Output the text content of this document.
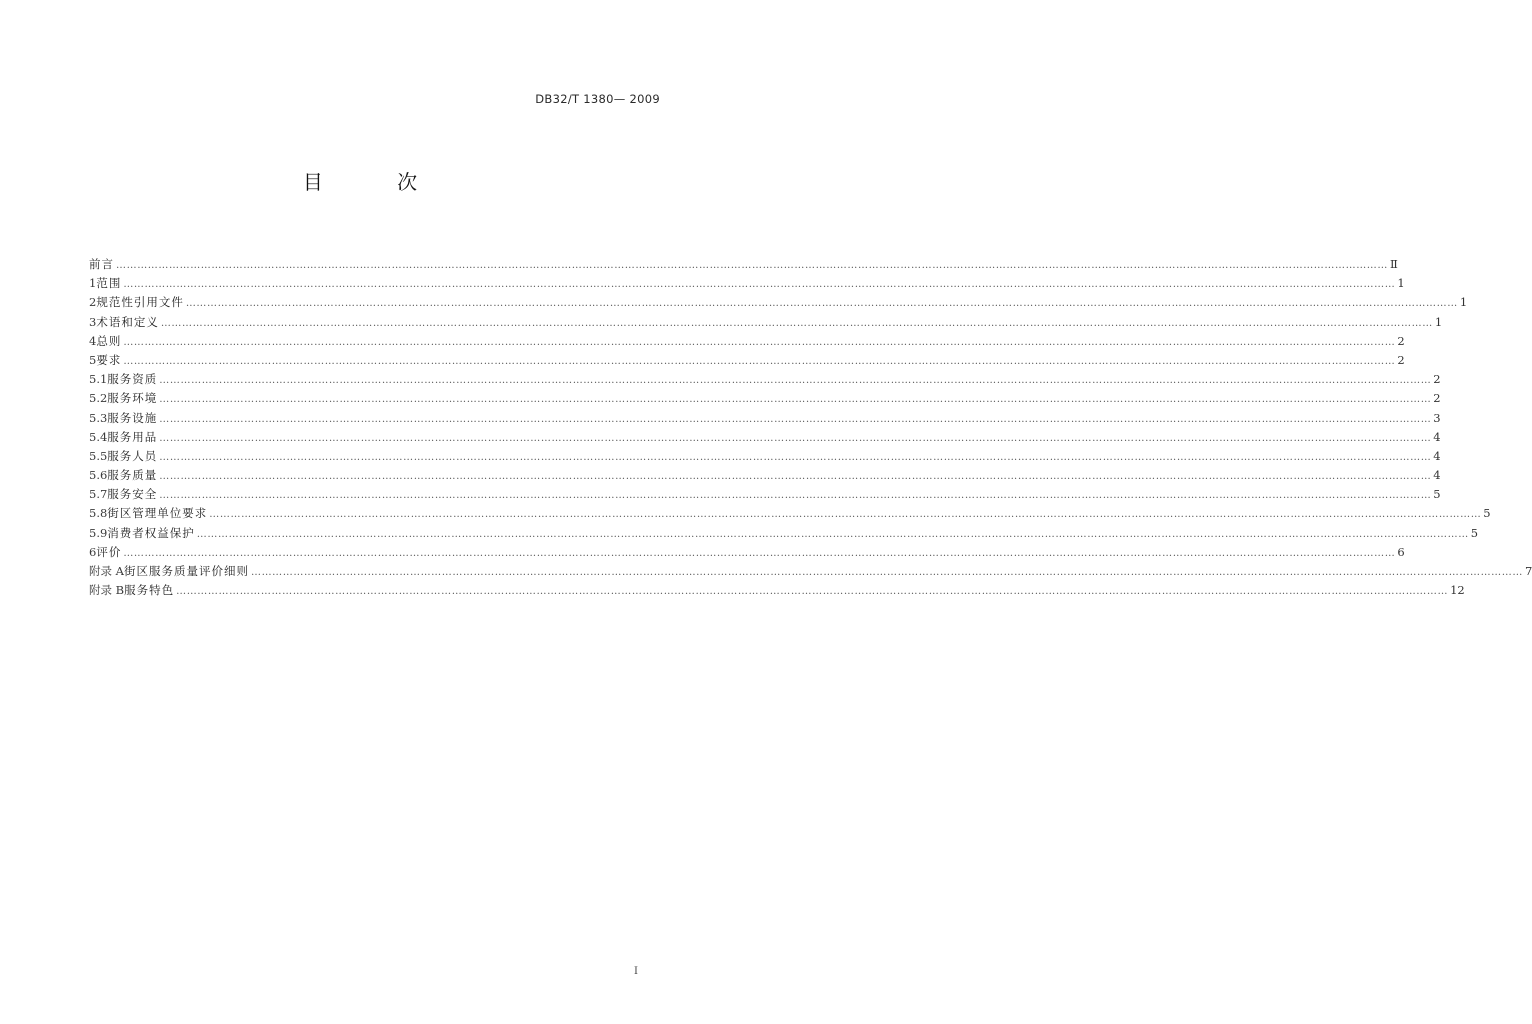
DB32/T 1380— 2009
目 次
前言 ……………………………………………………………………………………………………………………………………………………………………………………………………………………………………………………………………………………………………………………………… Ⅱ
1 范围 ……………………………………………………………………………………………………………………………………………………………………………………………………………………………………………………………………………………………………………………………… 1
2 规范性引用文件 ……………………………………………………………………………………………………………………………………………………………………………………………………………………………………………………………………………………………………………………………… 1
3 术语和定义 ……………………………………………………………………………………………………………………………………………………………………………………………………………………………………………………………………………………………………………………………… 1
4 总则 ……………………………………………………………………………………………………………………………………………………………………………………………………………………………………………………………………………………………………………………………… 2
5 要求 ……………………………………………………………………………………………………………………………………………………………………………………………………………………………………………………………………………………………………………………………… 2
5.1 服务资质 ……………………………………………………………………………………………………………………………………………………………………………………………………………………………………………………………………………………………………………………………… 2
5.2 服务环境 ……………………………………………………………………………………………………………………………………………………………………………………………………………………………………………………………………………………………………………………………… 2
5.3 服务设施 ……………………………………………………………………………………………………………………………………………………………………………………………………………………………………………………………………………………………………………………………… 3
5.4 服务用品 ……………………………………………………………………………………………………………………………………………………………………………………………………………………………………………………………………………………………………………………………… 4
5.5 服务人员 ……………………………………………………………………………………………………………………………………………………………………………………………………………………………………………………………………………………………………………………………… 4
5.6 服务质量 ……………………………………………………………………………………………………………………………………………………………………………………………………………………………………………………………………………………………………………………………… 4
5.7 服务安全 ……………………………………………………………………………………………………………………………………………………………………………………………………………………………………………………………………………………………………………………………… 5
5.8 街区管理单位要求 ……………………………………………………………………………………………………………………………………………………………………………………………………………………………………………………………………………………………………………………………… 5
5.9 消费者权益保护 ……………………………………………………………………………………………………………………………………………………………………………………………………………………………………………………………………………………………………………………………… 5
6 评价 ……………………………………………………………………………………………………………………………………………………………………………………………………………………………………………………………………………………………………………………………… 6
附录 A 街区服务质量评价细则 ……………………………………………………………………………………………………………………………………………………………………………………………………………………………………………………………………………………………………………………………… 7
附录 B 服务特色 ……………………………………………………………………………………………………………………………………………………………………………………………………………………………………………………………………………………………………………………………… 12
I
